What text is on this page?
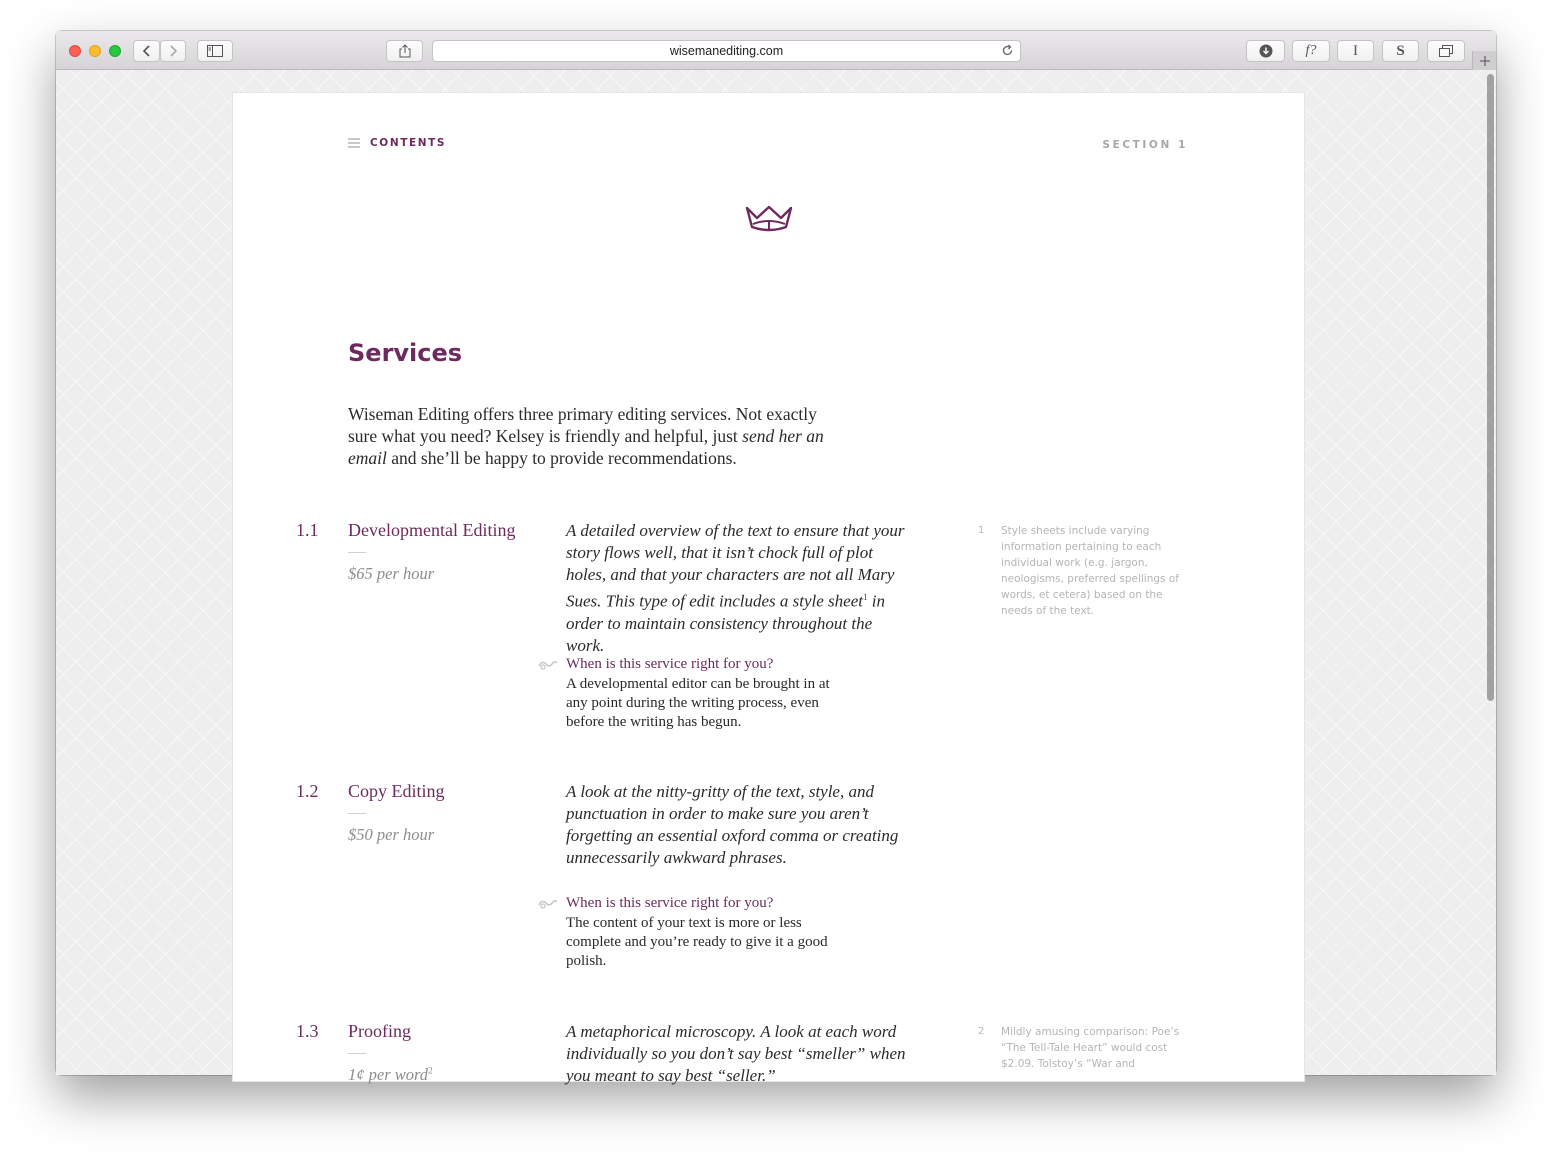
wisemanediting.com	f?	I	S
CONTENTS	SECTION 1
Services

Wiseman Editing offers three primary editing services. Not exactly sure what you need? Kelsey is friendly and helpful, just send her an email and she’ll be happy to provide recommendations.

1.1 Developmental Editing
$65 per hour
A detailed overview of the text to ensure that your story flows well, that it isn’t chock full of plot holes, and that your characters are not all Mary Sues. This type of edit includes a style sheet$^1$ in order to maintain consistency throughout the work.
When is this service right for you?
A developmental editor can be brought in at any point during the writing process, even before the writing has begun.
1.2 Copy Editing
$50 per hour
A look at the nitty-gritty of the text, style, and punctuation in order to make sure you aren’t forgetting an essential oxford comma or creating unnecessarily awkward phrases.
When is this service right for you?
The content of your text is more or less complete and you’re ready to give it a good polish.
1.3 Proofing
1¢ per word$^2$
A metaphorical microscopy. A look at each word individually so you don’t say best “smeller” when you meant to say best “seller.”
1 Style sheets include varying information pertaining to each individual work (e.g. jargon, neologisms, preferred spellings of words, et cetera) based on the needs of the text.
2 Mildly amusing comparison: Poe’s “The Tell-Tale Heart” would cost $2.09. Tolstoy’s “War and
